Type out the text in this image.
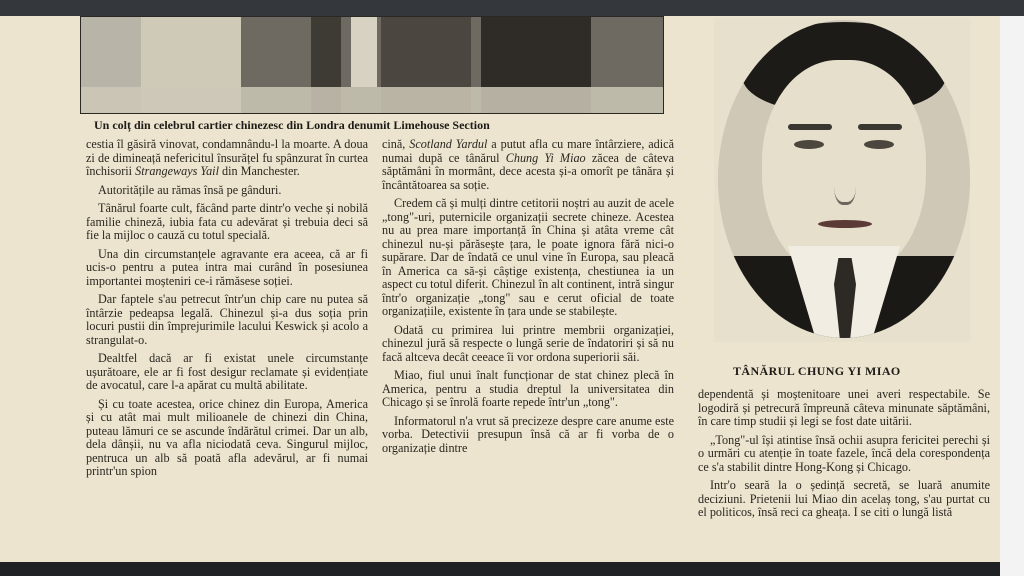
Un colț din celebrul cartier chinezesc din Londra denumit Limehouse Section

cestia îl găsiră vinovat, condamnându-l la moarte. A doua zi de dimineață nefericitul însurățel fu spânzurat în curtea închisorii Strangeways Yail din Manchester.

Autoritățile au rămas însă pe gânduri.

Tânărul foarte cult, făcând parte dintr'o veche și nobilă familie chineză, iubia fata cu adevărat și trebuia deci să fie la mijloc o cauză cu totul specială.

Una din circumstanțele agravante era aceea, că ar fi ucis-o pentru a putea intra mai curând în posesiunea importantei moșteniri ce-i rămăsese soției.

Dar faptele s'au petrecut într'un chip care nu putea să întârzie pedeapsa legală. Chinezul și-a dus soția prin locuri pustii din împrejurimile lacului Keswick și acolo a strangulat-o.

Dealtfel dacă ar fi existat unele circumstanțe ușurătoare, ele ar fi fost desigur reclamate și evidențiate de avocatul, care l-a apărat cu multă abilitate.

Și cu toate acestea, orice chinez din Europa, America și cu atât mai mult milioanele de chinezi din China, puteau lămuri ce se ascunde îndărătul crimei. Dar un alb, dela dânșii, nu va afla niciodată ceva. Singurul mijloc, pentruca un alb să poată afla adevărul, ar fi numai printr'un spion

cină, Scotland Yardul a putut afla cu mare întârziere, adică numai după ce tânărul Chung Yi Miao zăcea de câteva săptămâni în mormânt, dece acesta și-a omorît pe tânăra și încântătoarea sa soție.

Credem că și mulți dintre cetitorii noștri au auzit de acele „tong"-uri, puternicile organizații secrete chineze. Acestea nu au prea mare importanță în China și atâta vreme cât chinezul nu-și părăsește țara, le poate ignora fără nici-o supărare. Dar de îndată ce unul vine în Europa, sau pleacă în America ca să-și câștige existența, chestiunea ia un aspect cu totul diferit. Chinezul în alt continent, intră singur într'o organizație „tong" sau e cerut oficial de toate organizațiile, existente în țara unde se stabilește.

Odată cu primirea lui printre membrii organizației, chinezul jură să respecte o lungă serie de îndatoriri și să nu facă altceva decât ceeace îi vor ordona superiorii săi.

Miao, fiul unui înalt funcționar de stat chinez plecă în America, pentru a studia dreptul la universitatea din Chicago și se înrolă foarte repede într'un „tong".

Informatorul n'a vrut să precizeze despre care anume este vorba. Detectivii presupun însă că ar fi vorba de o organizație dintre

TÂNĂRUL CHUNG YI MIAO

dependentă și moștenitoare unei averi respectabile. Se logodiră și petrecură împreună câteva minunate săptămâni, în care timp studii și legi se fost date uitării.

„Tong"-ul își atintise însă ochii asupra fericitei perechi și o urmări cu atenție în toate fazele, încă dela corespondența ce s'a stabilit dintre Hong-Kong și Chicago.

Intr'o seară la o ședință secretă, se luară anumite deciziuni. Prietenii lui Miao din acelaș tong, s'au purtat cu el politicos, însă reci ca gheața. I se citi o lungă listă
